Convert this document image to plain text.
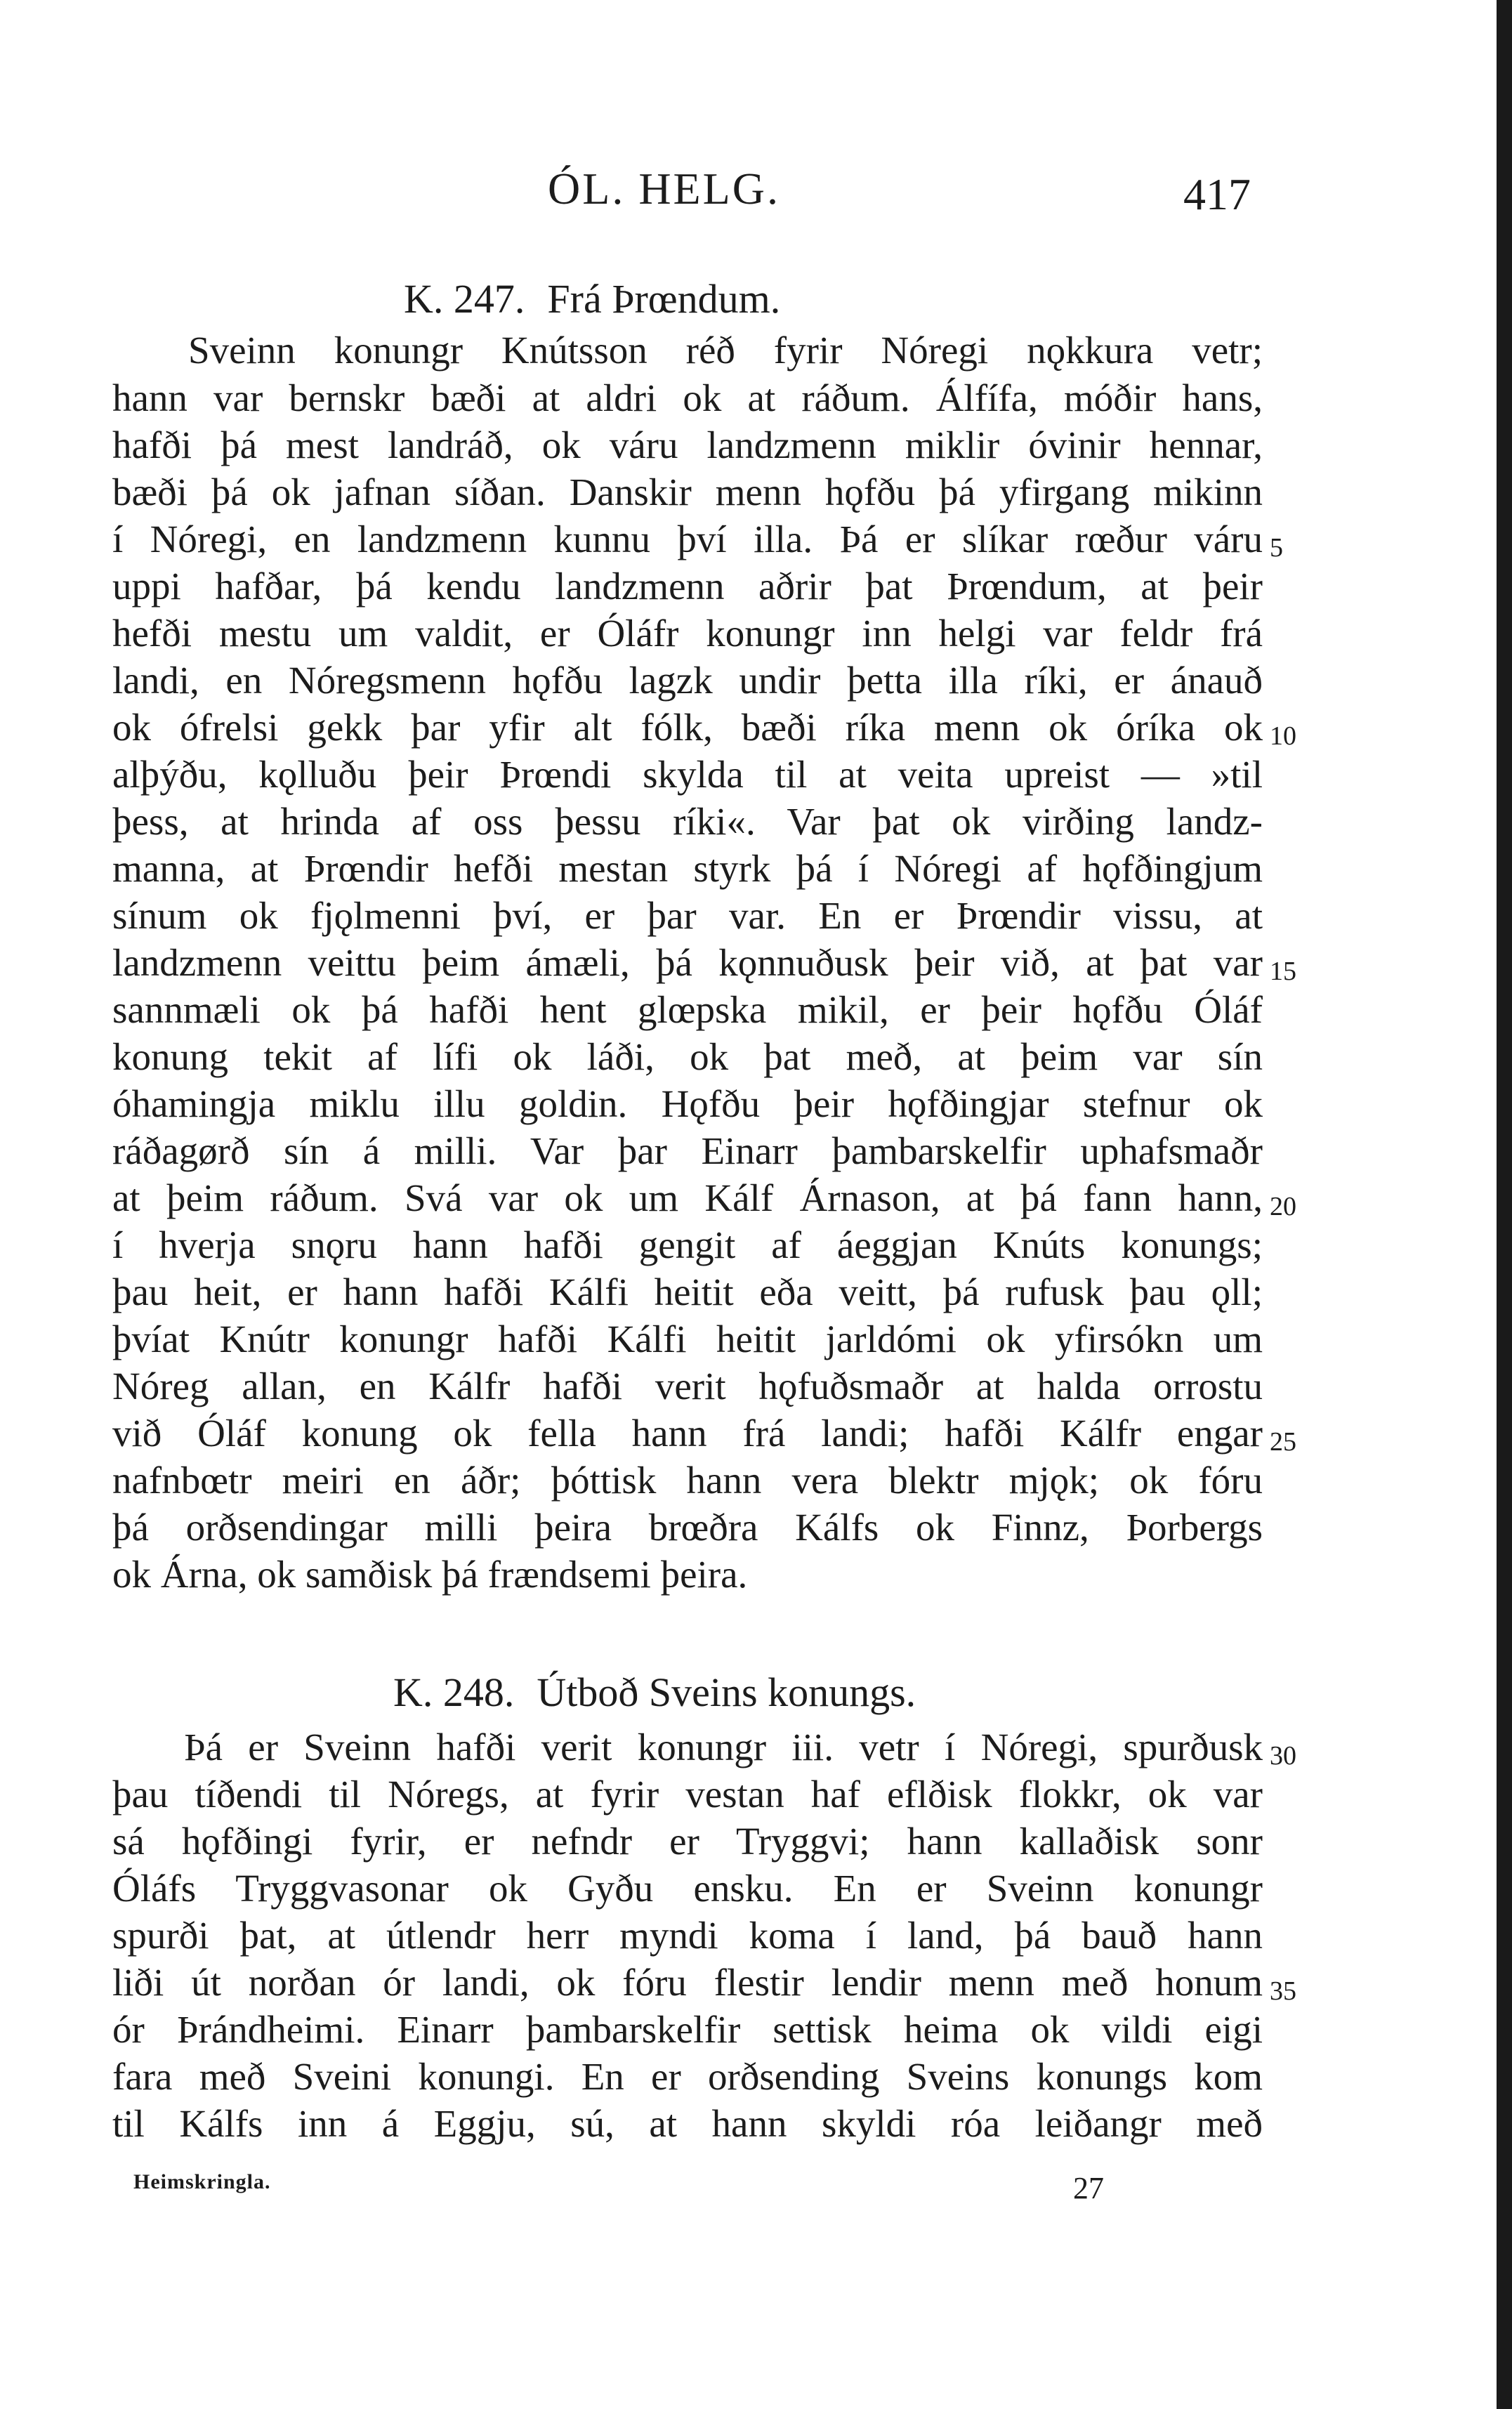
ÓL. HELG.	417
K. 247. Frá Þrœndum.
Sveinn konungr Knútsson réð fyrir Nóregi nǫkkura vetr;
hann var bernskr bæði at aldri ok at ráðum. Álfífa, móðir hans,
hafði þá mest landráð, ok váru landzmenn miklir óvinir hennar,
bæði þá ok jafnan síðan. Danskir menn hǫfðu þá yfirgang mikinn
í Nóregi, en landzmenn kunnu því illa. Þá er slíkar rœður váru
uppi hafðar, þá kendu landzmenn aðrir þat Þrœndum, at þeir
hefði mestu um valdit, er Óláfr konungr inn helgi var feldr frá
landi, en Nóregsmenn hǫfðu lagzk undir þetta illa ríki, er ánauð
ok ófrelsi gekk þar yfir alt fólk, bæði ríka menn ok óríka ok
alþýðu, kǫlluðu þeir Þrœndi skylda til at veita upreist — »til
þess, at hrinda af oss þessu ríki«. Var þat ok virðing landz-
manna, at Þrœndir hefði mestan styrk þá í Nóregi af hǫfðingjum
sínum ok fjǫlmenni því, er þar var. En er Þrœndir vissu, at
landzmenn veittu þeim ámæli, þá kǫnnuðusk þeir við, at þat var
sannmæli ok þá hafði hent glœpska mikil, er þeir hǫfðu Óláf
konung tekit af lífi ok láði, ok þat með, at þeim var sín
óhamingja miklu illu goldin. Hǫfðu þeir hǫfðingjar stefnur ok
ráðagørð sín á milli. Var þar Einarr þambarskelfir uphafsmaðr
at þeim ráðum. Svá var ok um Kálf Árnason, at þá fann hann,
í hverja snǫru hann hafði gengit af áeggjan Knúts konungs;
þau heit, er hann hafði Kálfi heitit eða veitt, þá rufusk þau ǫll;
þvíat Knútr konungr hafði Kálfi heitit jarldómi ok yfirsókn um
Nóreg allan, en Kálfr hafði verit hǫfuðsmaðr at halda orrostu
við Óláf konung ok fella hann frá landi; hafði Kálfr engar
nafnbœtr meiri en áðr; þóttisk hann vera blektr mjǫk; ok fóru
þá orðsendingar milli þeira brœðra Kálfs ok Finnz, Þorbergs
ok Árna, ok samðisk þá frændsemi þeira.
K. 248. Útboð Sveins konungs.
Þá er Sveinn hafði verit konungr iii. vetr í Nóregi, spurðusk
þau tíðendi til Nóregs, at fyrir vestan haf eflðisk flokkr, ok var
sá hǫfðingi fyrir, er nefndr er Tryggvi; hann kallaðisk sonr
Óláfs Tryggvasonar ok Gyðu ensku. En er Sveinn konungr
spurði þat, at útlendr herr myndi koma í land, þá bauð hann
liði út norðan ór landi, ok fóru flestir lendir menn með honum
ór Þrándheimi. Einarr þambarskelfir settisk heima ok vildi eigi
fara með Sveini konungi. En er orðsending Sveins konungs kom
til Kálfs inn á Eggju, sú, at hann skyldi róa leiðangr með
5
10
15
20
25
30
35
Heimskringla.	27
